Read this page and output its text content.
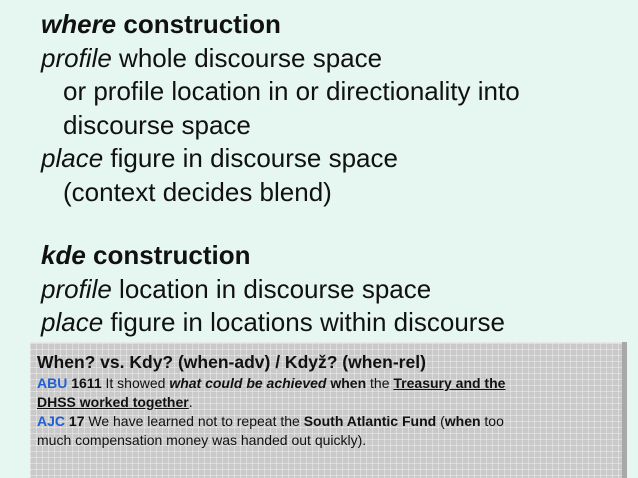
where construction
profile whole discourse space
or profile location in or directionality into
discourse space
place figure in discourse space
(context decides blend)
kde construction
profile location in discourse space
place figure in locations within discourse
When? vs. Kdy? (when-adv) / Když? (when-rel)
ABU 1611 It showed what could be achieved when the Treasury and the
DHSS worked together.
AJC 17 We have learned not to repeat the South Atlantic Fund (when too
much compensation money was handed out quickly).
